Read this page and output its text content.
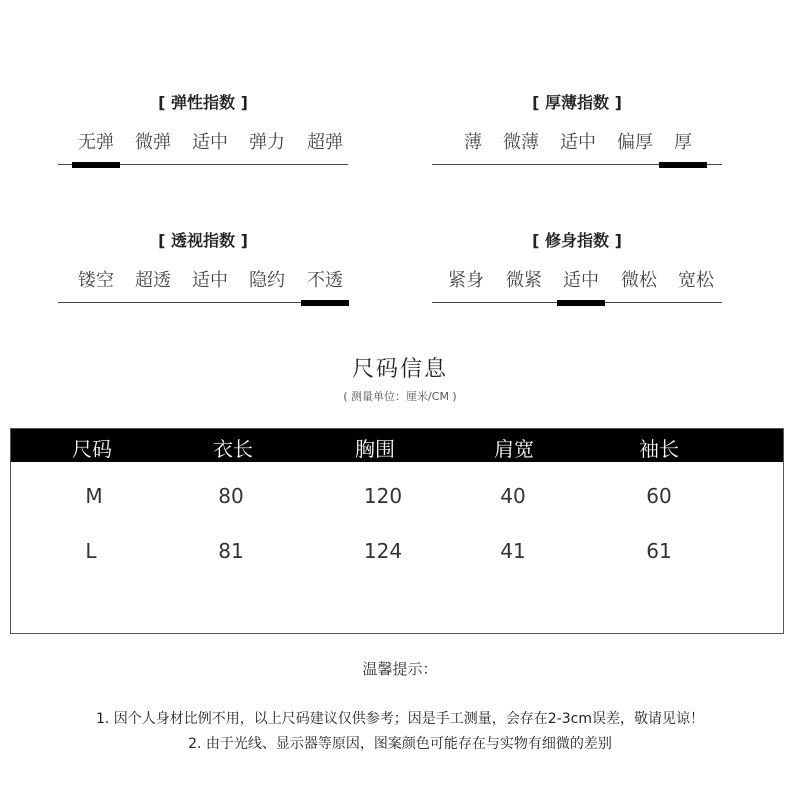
[ 弹性指数 ]
无弹	微弹	适中	弹力	超弹
[ 厚薄指数 ]
薄	微薄	适中	偏厚	厚
[ 透视指数 ]
镂空	超透	适中	隐约	不透
[ 修身指数 ]
紧身	微紧	适中	微松	宽松
尺码信息
( 测量单位：厘米/CM )
尺码	衣长	胸围	肩宽	袖长
M	80	120	40	60
L	81	124	41	61
温馨提示：
1. 因个人身材比例不用，以上尺码建议仅供参考；因是手工测量，会存在2-3cm误差，敬请见谅！
2. 由于光线、显示器等原因，图案颜色可能存在与实物有细微的差别
